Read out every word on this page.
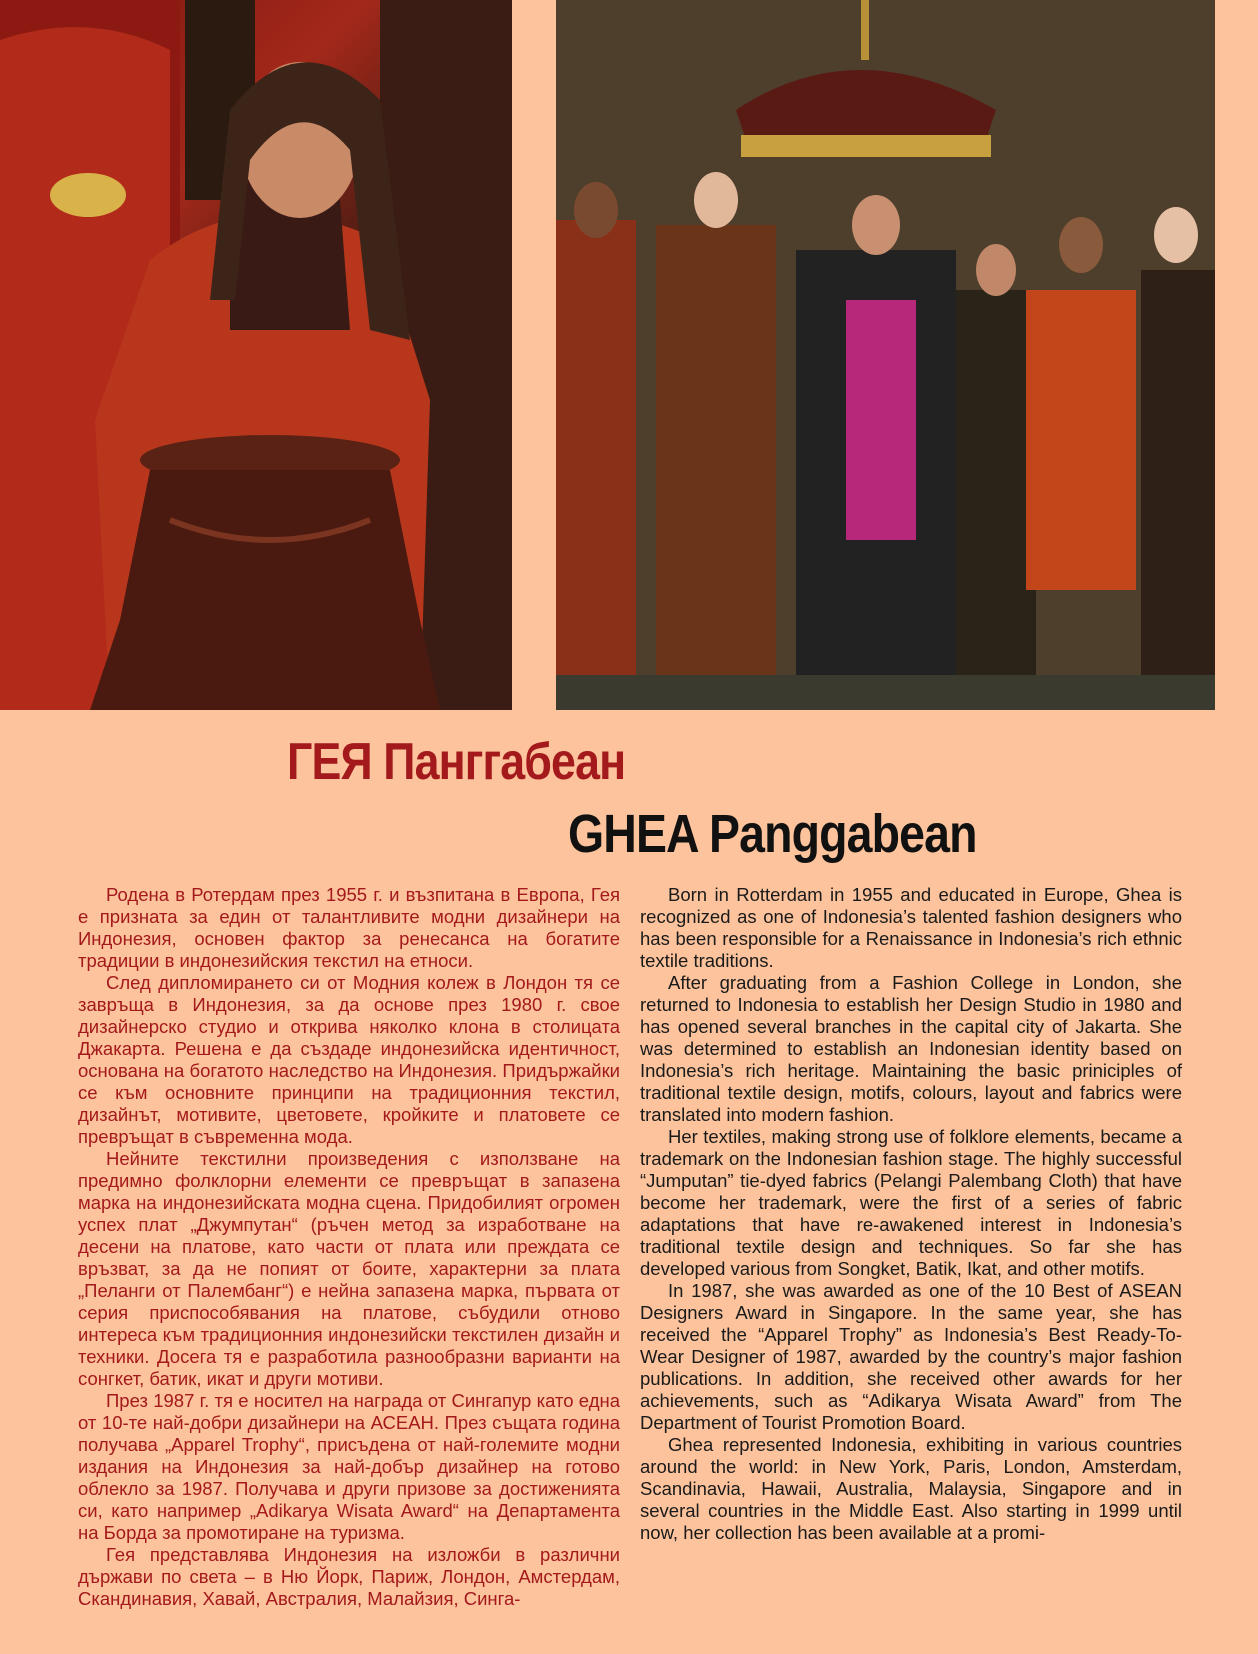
ГЕЯ Панггабеан
GHEA Panggabean

Родена в Ротердам през 1955 г. и възпитана в Европа, Гея е призната за един от талантливите модни дизайнери на Индонезия, основен фактор за ренесанса на богатите традиции в индонезийския текстил на етноси.

След дипломирането си от Модния колеж в Лондон тя се завръща в Индонезия, за да основе през 1980 г. свое дизайнерско студио и открива няколко клона в столицата Джакарта. Решена е да създаде индонезийска идентичност, основана на богатото наследство на Индонезия. Придържайки се към основните принципи на традиционния текстил, дизайнът, мотивите, цветовете, кройките и платовете се превръщат в съвременна мода.

Нейните текстилни произведения с използване на предимно фолклорни елементи се превръщат в запазена марка на индонезийската модна сцена. Придобилият огромен успех плат „Джумпутан“ (ръчен метод за изработване на десени на платове, като части от плата или преждата се връзват, за да не попият от боите, характерни за плата „Пеланги от Палембанг“) е нейна запазена марка, първата от серия приспособявания на платове, събудили отново интереса към традиционния индонезийски текстилен дизайн и техники. Досега тя е разработила разнообразни варианти на сонгкет, батик, икат и други мотиви.

През 1987 г. тя е носител на награда от Сингапур като една от 10-те най-добри дизайнери на АСЕАН. През същата година получава „Apparel Trophy“, присъдена от най-големите модни издания на Индонезия за най-добър дизайнер на готово облекло за 1987. Получава и други призове за достиженията си, като например „Adikarya Wisata Award“ на Департамента на Борда за промотиране на туризма.

Гея представлява Индонезия на изложби в различни държави по света – в Ню Йорк, Париж, Лондон, Амстердам, Скандинавия, Хавай, Австралия, Малайзия, Синга-

Born in Rotterdam in 1955 and educated in Europe, Ghea is recognized as one of Indonesia’s talented fashion designers who has been responsible for a Renaissance in Indonesia’s rich ethnic textile traditions.

After graduating from a Fashion College in London, she returned to Indonesia to establish her Design Studio in 1980 and has opened several branches in the capital city of Jakarta. She was determined to establish an Indonesian identity based on Indonesia’s rich heritage. Maintaining the basic priniciples of traditional textile design, motifs, colours, layout and fabrics were translated into modern fashion.

Her textiles, making strong use of folklore elements, became a trademark on the Indonesian fashion stage. The highly successful “Jumputan” tie-dyed fabrics (Pelangi Palembang Cloth) that have become her trademark, were the first of a series of fabric adaptations that have re-awakened interest in Indonesia’s traditional textile design and techniques. So far she has developed various from Songket, Batik, Ikat, and other motifs.

In 1987, she was awarded as one of the 10 Best of ASEAN Designers Award in Singapore. In the same year, she has received the “Apparel Trophy” as Indonesia’s Best Ready-To-Wear Designer of 1987, awarded by the country’s major fashion publications. In addition, she received other awards for her achievements, such as “Adikarya Wisata Award” from The Department of Tourist Promotion Board.

Ghea represented Indonesia, exhibiting in various countries around the world: in New York, Paris, London, Amsterdam, Scandinavia, Hawaii, Australia, Malaysia, Singapore and in several countries in the Middle East. Also starting in 1999 until now, her collection has been available at a promi-
